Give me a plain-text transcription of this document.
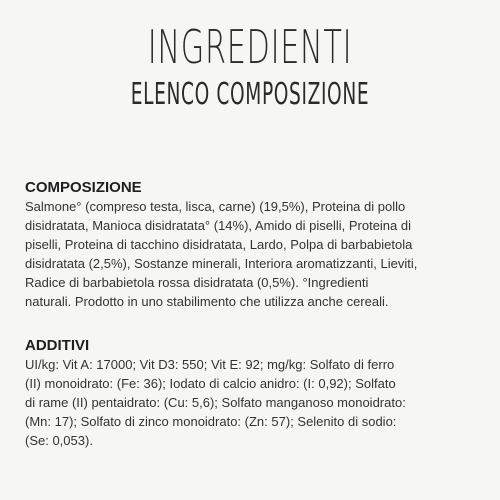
INGREDIENTI
ELENCO COMPOSIZIONE
COMPOSIZIONE
Salmone° (compreso testa, lisca, carne) (19,5%), Proteina di pollo
disidratata, Manioca disidratata° (14%), Amido di piselli, Proteina di
piselli, Proteina di tacchino disidratata, Lardo, Polpa di barbabietola
disidratata (2,5%), Sostanze minerali, Interiora aromatizzanti, Lieviti,
Radice di barbabietola rossa disidratata (0,5%). °Ingredienti
naturali. Prodotto in uno stabilimento che utilizza anche cereali.
ADDITIVI
UI/kg: Vit A: 17000; Vit D3: 550; Vit E: 92; mg/kg: Solfato di ferro
(II) monoidrato: (Fe: 36); Iodato di calcio anidro: (I: 0,92); Solfato
di rame (II) pentaidrato: (Cu: 5,6); Solfato manganoso monoidrato:
(Mn: 17); Solfato di zinco monoidrato: (Zn: 57); Selenito di sodio:
(Se: 0,053).
